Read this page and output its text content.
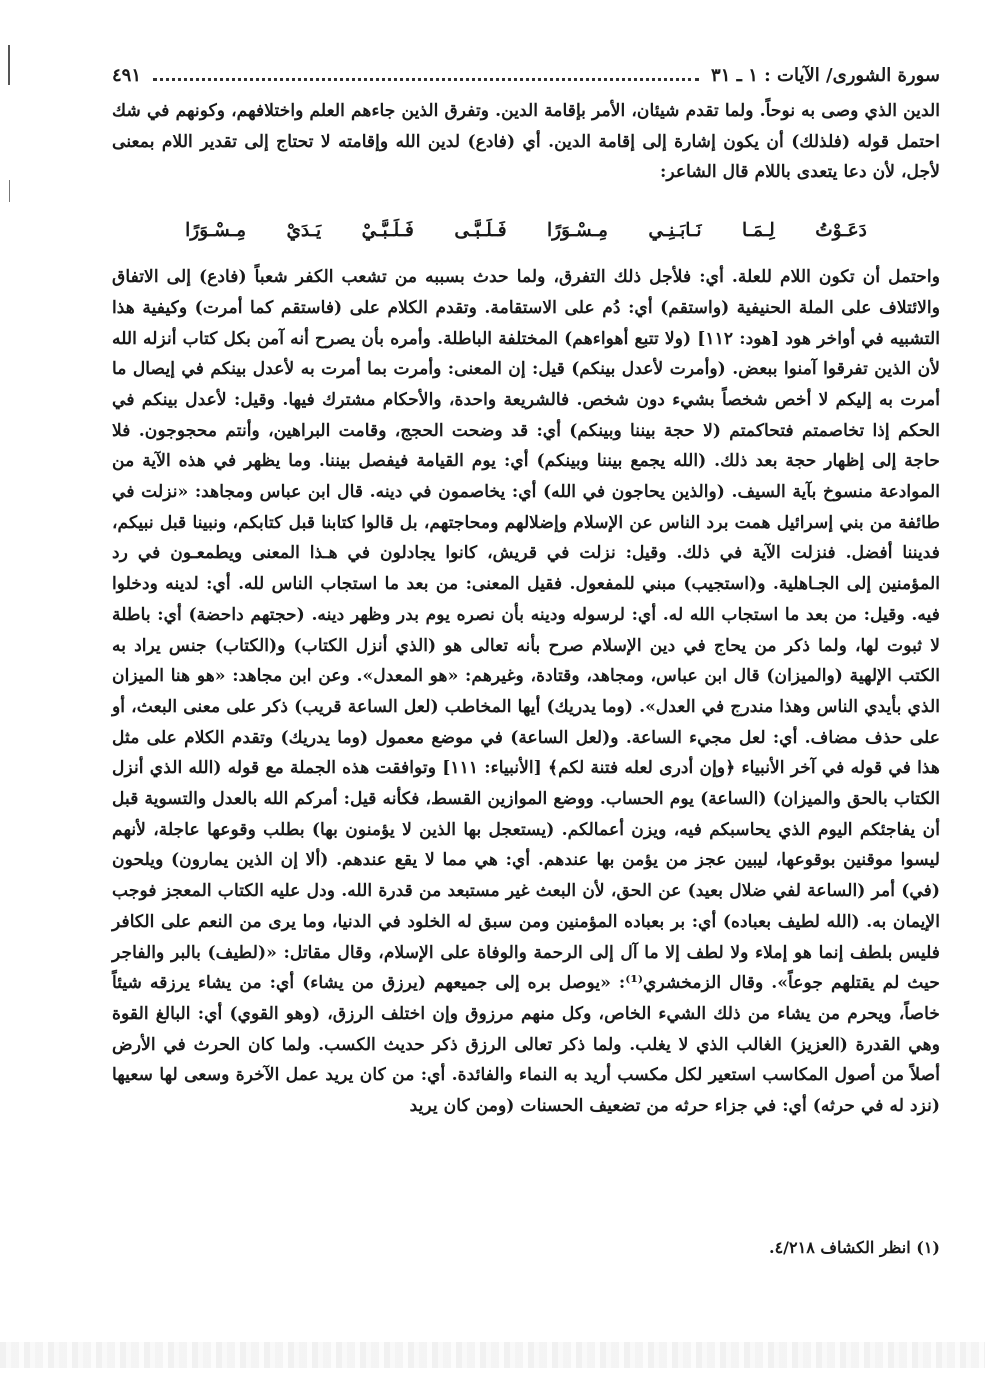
سورة الشورى/ الآيات : ١ ـ ٣١
٤٩١

الدين الذي وصى به نوحاً. ولما تقدم شيئان، الأمر بإقامة الدين. وتفرق الذين جاءهم العلم واختلافهم، وكونهم في شك احتمل قوله (فلذلك) أن يكون إشارة إلى إقامة الدين. أي (فادع) لدين الله وإقامته لا تحتاج إلى تقدير اللام بمعنى لأجل، لأن دعا يتعدى باللام قال الشاعر:

دَعَـوْتُ لِـمَـا نَـابَـنِـي مِـسْـوَرًا فَـلَـبَّـى فَـلَـبَّـيْ يَـدَيْ مِـسْـوَرًا

واحتمل أن تكون اللام للعلة. أي: فلأجل ذلك التفرق، ولما حدث بسببه من تشعب الكفر شعباً (فادع) إلى الاتفاق والائتلاف على الملة الحنيفية (واستقم) أي: دُم على الاستقامة. وتقدم الكلام على (فاستقم كما أمرت) وكيفية هذا التشبيه في أواخر هود [هود: ١١٢] (ولا تتبع أهواءهم) المختلفة الباطلة. وأمره بأن يصرح أنه آمن بكل كتاب أنزله الله لأن الذين تفرقوا آمنوا ببعض. (وأمرت لأعدل بينكم) قيل: إن المعنى: وأمرت بما أمرت به لأعدل بينكم في إيصال ما أمرت به إليكم لا أخص شخصاً بشيء دون شخص. فالشريعة واحدة، والأحكام مشترك فيها. وقيل: لأعدل بينكم في الحكم إذا تخاصمتم فتحاكمتم (لا حجة بيننا وبينكم) أي: قد وضحت الحجج، وقامت البراهين، وأنتم محجوجون. فلا حاجة إلى إظهار حجة بعد ذلك. (الله يجمع بيننا وبينكم) أي: يوم القيامة فيفصل بيننا. وما يظهر في هذه الآية من الموادعة منسوخ بآية السيف. (والذين يحاجون في الله) أي: يخاصمون في دينه. قال ابن عباس ومجاهد: «نزلت في طائفة من بني إسرائيل همت برد الناس عن الإسلام وإضلالهم ومحاجتهم، بل قالوا كتابنا قبل كتابكم، ونبينا قبل نبيكم، فديننا أفضل. فنزلت الآية في ذلك. وقيل: نزلت في قريش، كانوا يجادلون في هـذا المعنى ويطمعـون في رد المؤمنين إلى الجـاهلية. و(استجيب) مبني للمفعول. فقيل المعنى: من بعد ما استجاب الناس لله. أي: لدينه ودخلوا فيه. وقيل: من بعد ما استجاب الله له. أي: لرسوله ودينه بأن نصره يوم بدر وظهر دينه. (حجتهم داحضة) أي: باطلة لا ثبوت لها، ولما ذكر من يحاج في دين الإسلام صرح بأنه تعالى هو (الذي أنزل الكتاب) و(الكتاب) جنس يراد به الكتب الإلهية (والميزان) قال ابن عباس، ومجاهد، وقتادة، وغيرهم: «هو المعدل». وعن ابن مجاهد: «هو هنا الميزان الذي بأيدي الناس وهذا مندرج في العدل». (وما يدريك) أيها المخاطب (لعل الساعة قريب) ذكر على معنى البعث، أو على حذف مضاف. أي: لعل مجيء الساعة. و(لعل الساعة) في موضع معمول (وما يدريك) وتقدم الكلام على مثل هذا في قوله في آخر الأنبياء ﴿وإن أدرى لعله فتنة لكم﴾ [الأنبياء: ١١١] وتوافقت هذه الجملة مع قوله (الله الذي أنزل الكتاب بالحق والميزان) (الساعة) يوم الحساب. ووضع الموازين القسط، فكأنه قيل: أمركم الله بالعدل والتسوية قبل أن يفاجئكم اليوم الذي يحاسبكم فيه، ويزن أعمالكم. (يستعجل بها الذين لا يؤمنون بها) بطلب وقوعها عاجلة، لأنهم ليسوا موقنين بوقوعها، ليبين عجز من يؤمن بها عندهم. أي: هي مما لا يقع عندهم. (ألا إن الذين يمارون) ويلحون (في) أمر (الساعة لفي ضلال بعيد) عن الحق، لأن البعث غير مستبعد من قدرة الله. ودل عليه الكتاب المعجز فوجب الإيمان به. (الله لطيف بعباده) أي: بر بعباده المؤمنين ومن سبق له الخلود في الدنيا، وما يرى من النعم على الكافر فليس بلطف إنما هو إملاء ولا لطف إلا ما آل إلى الرحمة والوفاة على الإسلام، وقال مقاتل: «(لطيف) بالبر والفاجر حيث لم يقتلهم جوعاً». وقال الزمخشري⁽¹⁾: «يوصل بره إلى جميعهم (يرزق من يشاء) أي: من يشاء يرزقه شيئاً خاصاً، ويحرم من يشاء من ذلك الشيء الخاص، وكل منهم مرزوق وإن اختلف الرزق، (وهو القوي) أي: البالغ القوة وهي القدرة (العزيز) الغالب الذي لا يغلب. ولما ذكر تعالى الرزق ذكر حديث الكسب. ولما كان الحرث في الأرض أصلاً من أصول المكاسب استعير لكل مكسب أريد به النماء والفائدة. أي: من كان يريد عمل الآخرة وسعى لها سعيها (نزد له في حرثه) أي: في جزاء حرثه من تضعيف الحسنات (ومن كان يريد

(١) انظر الكشاف ٤/٢١٨.
